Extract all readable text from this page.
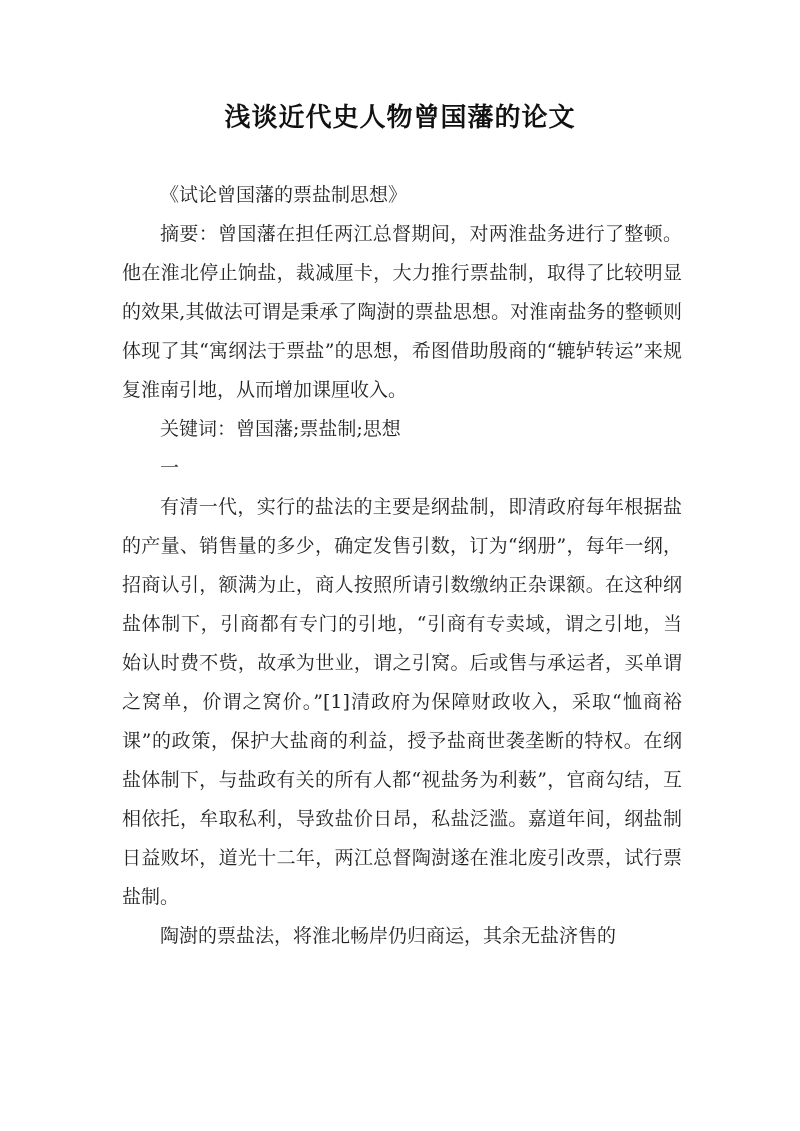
浅谈近代史人物曾国藩的论文

《试论曾国藩的票盐制思想》

摘要：曾国藩在担任两江总督期间，对两淮盐务进行了整顿。他在淮北停止饷盐，裁减厘卡，大力推行票盐制，取得了比较明显的效果,其做法可谓是秉承了陶澍的票盐思想。对淮南盐务的整顿则体现了其“寓纲法于票盐”的思想，希图借助殷商的“辘轳转运”来规复淮南引地，从而增加课厘收入。

关键词：曾国藩;票盐制;思想

一

有清一代，实行的盐法的主要是纲盐制，即清政府每年根据盐的产量、销售量的多少，确定发售引数，订为“纲册”，每年一纲，招商认引，额满为止，商人按照所请引数缴纳正杂课额。在这种纲盐体制下，引商都有专门的引地，“引商有专卖域，谓之引地，当始认时费不赀，故承为世业，谓之引窝。后或售与承运者，买单谓之窝单，价谓之窝价。”[1]清政府为保障财政收入，采取“恤商裕课”的政策，保护大盐商的利益，授予盐商世袭垄断的特权。在纲盐体制下，与盐政有关的所有人都“视盐务为利薮”，官商勾结，互相依托，牟取私利，导致盐价日昂，私盐泛滥。嘉道年间，纲盐制日益败坏，道光十二年，两江总督陶澍遂在淮北废引改票，试行票盐制。

陶澍的票盐法，将淮北畅岸仍归商运，其余无盐济售的
